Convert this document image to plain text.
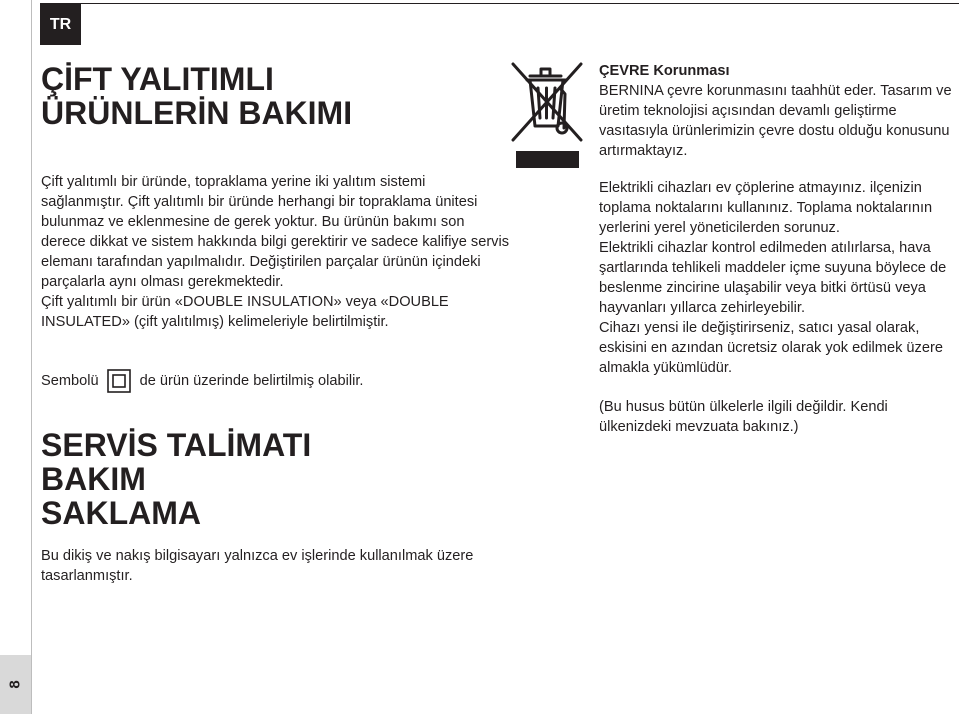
TR
8
ÇİFT YALITIMLI
ÜRÜNLERİN BAKIMI

Çift yalıtımlı bir üründe, topraklama yerine iki yalıtım sistemi sağlanmıştır. Çift yalıtımlı bir üründe herhangi bir topraklama ünitesi bulunmaz ve eklenmesine de gerek yoktur. Bu ürünün bakımı son derece dikkat ve sistem hakkında bilgi gerektirir ve sadece kalifiye servis elemanı tarafından yapılmalıdır. Değiştirilen parçalar ürünün içindeki parçalarla aynı olması gerekmektedir.

Çift yalıtımlı bir ürün «DOUBLE INSULATION» veya «DOUBLE INSULATED» (çift yalıtılmış) kelimeleriyle belirtilmiştir.

Sembolü	de ürün üzerinde belirtilmiş olabilir.
SERVİS TALİMATI
BAKIM
SAKLAMA

Bu dikiş ve nakış bilgisayarı yalnızca ev işlerinde kullanılmak üzere tasarlanmıştır.

ÇEVRE Korunması

BERNINA çevre korunmasını taahhüt eder. Tasarım ve üretim teknolojisi açısından devamlı geliştirme vasıtasıyla ürünlerimizin çevre dostu olduğu konusunu artırmaktayız.

Elektrikli cihazları ev çöplerine atmayınız. ilçenizin toplama noktalarını kullanınız. Toplama noktalarının yerlerini yerel yöneticilerden sorunuz.

Elektrikli cihazlar kontrol edilmeden atılırlarsa, hava şartlarında tehlikeli maddeler içme suyuna böylece de beslenme zincirine ulaşabilir veya bitki örtüsü veya hayvanları yıllarca zehirleyebilir.

Cihazı yensi ile değiştirirseniz, satıcı yasal olarak, eskisini en azından ücretsiz olarak yok edilmek üzere almakla yükümlüdür.

(Bu husus bütün ülkelerle ilgili değildir. Kendi ülkenizdeki mevzuata bakınız.)
